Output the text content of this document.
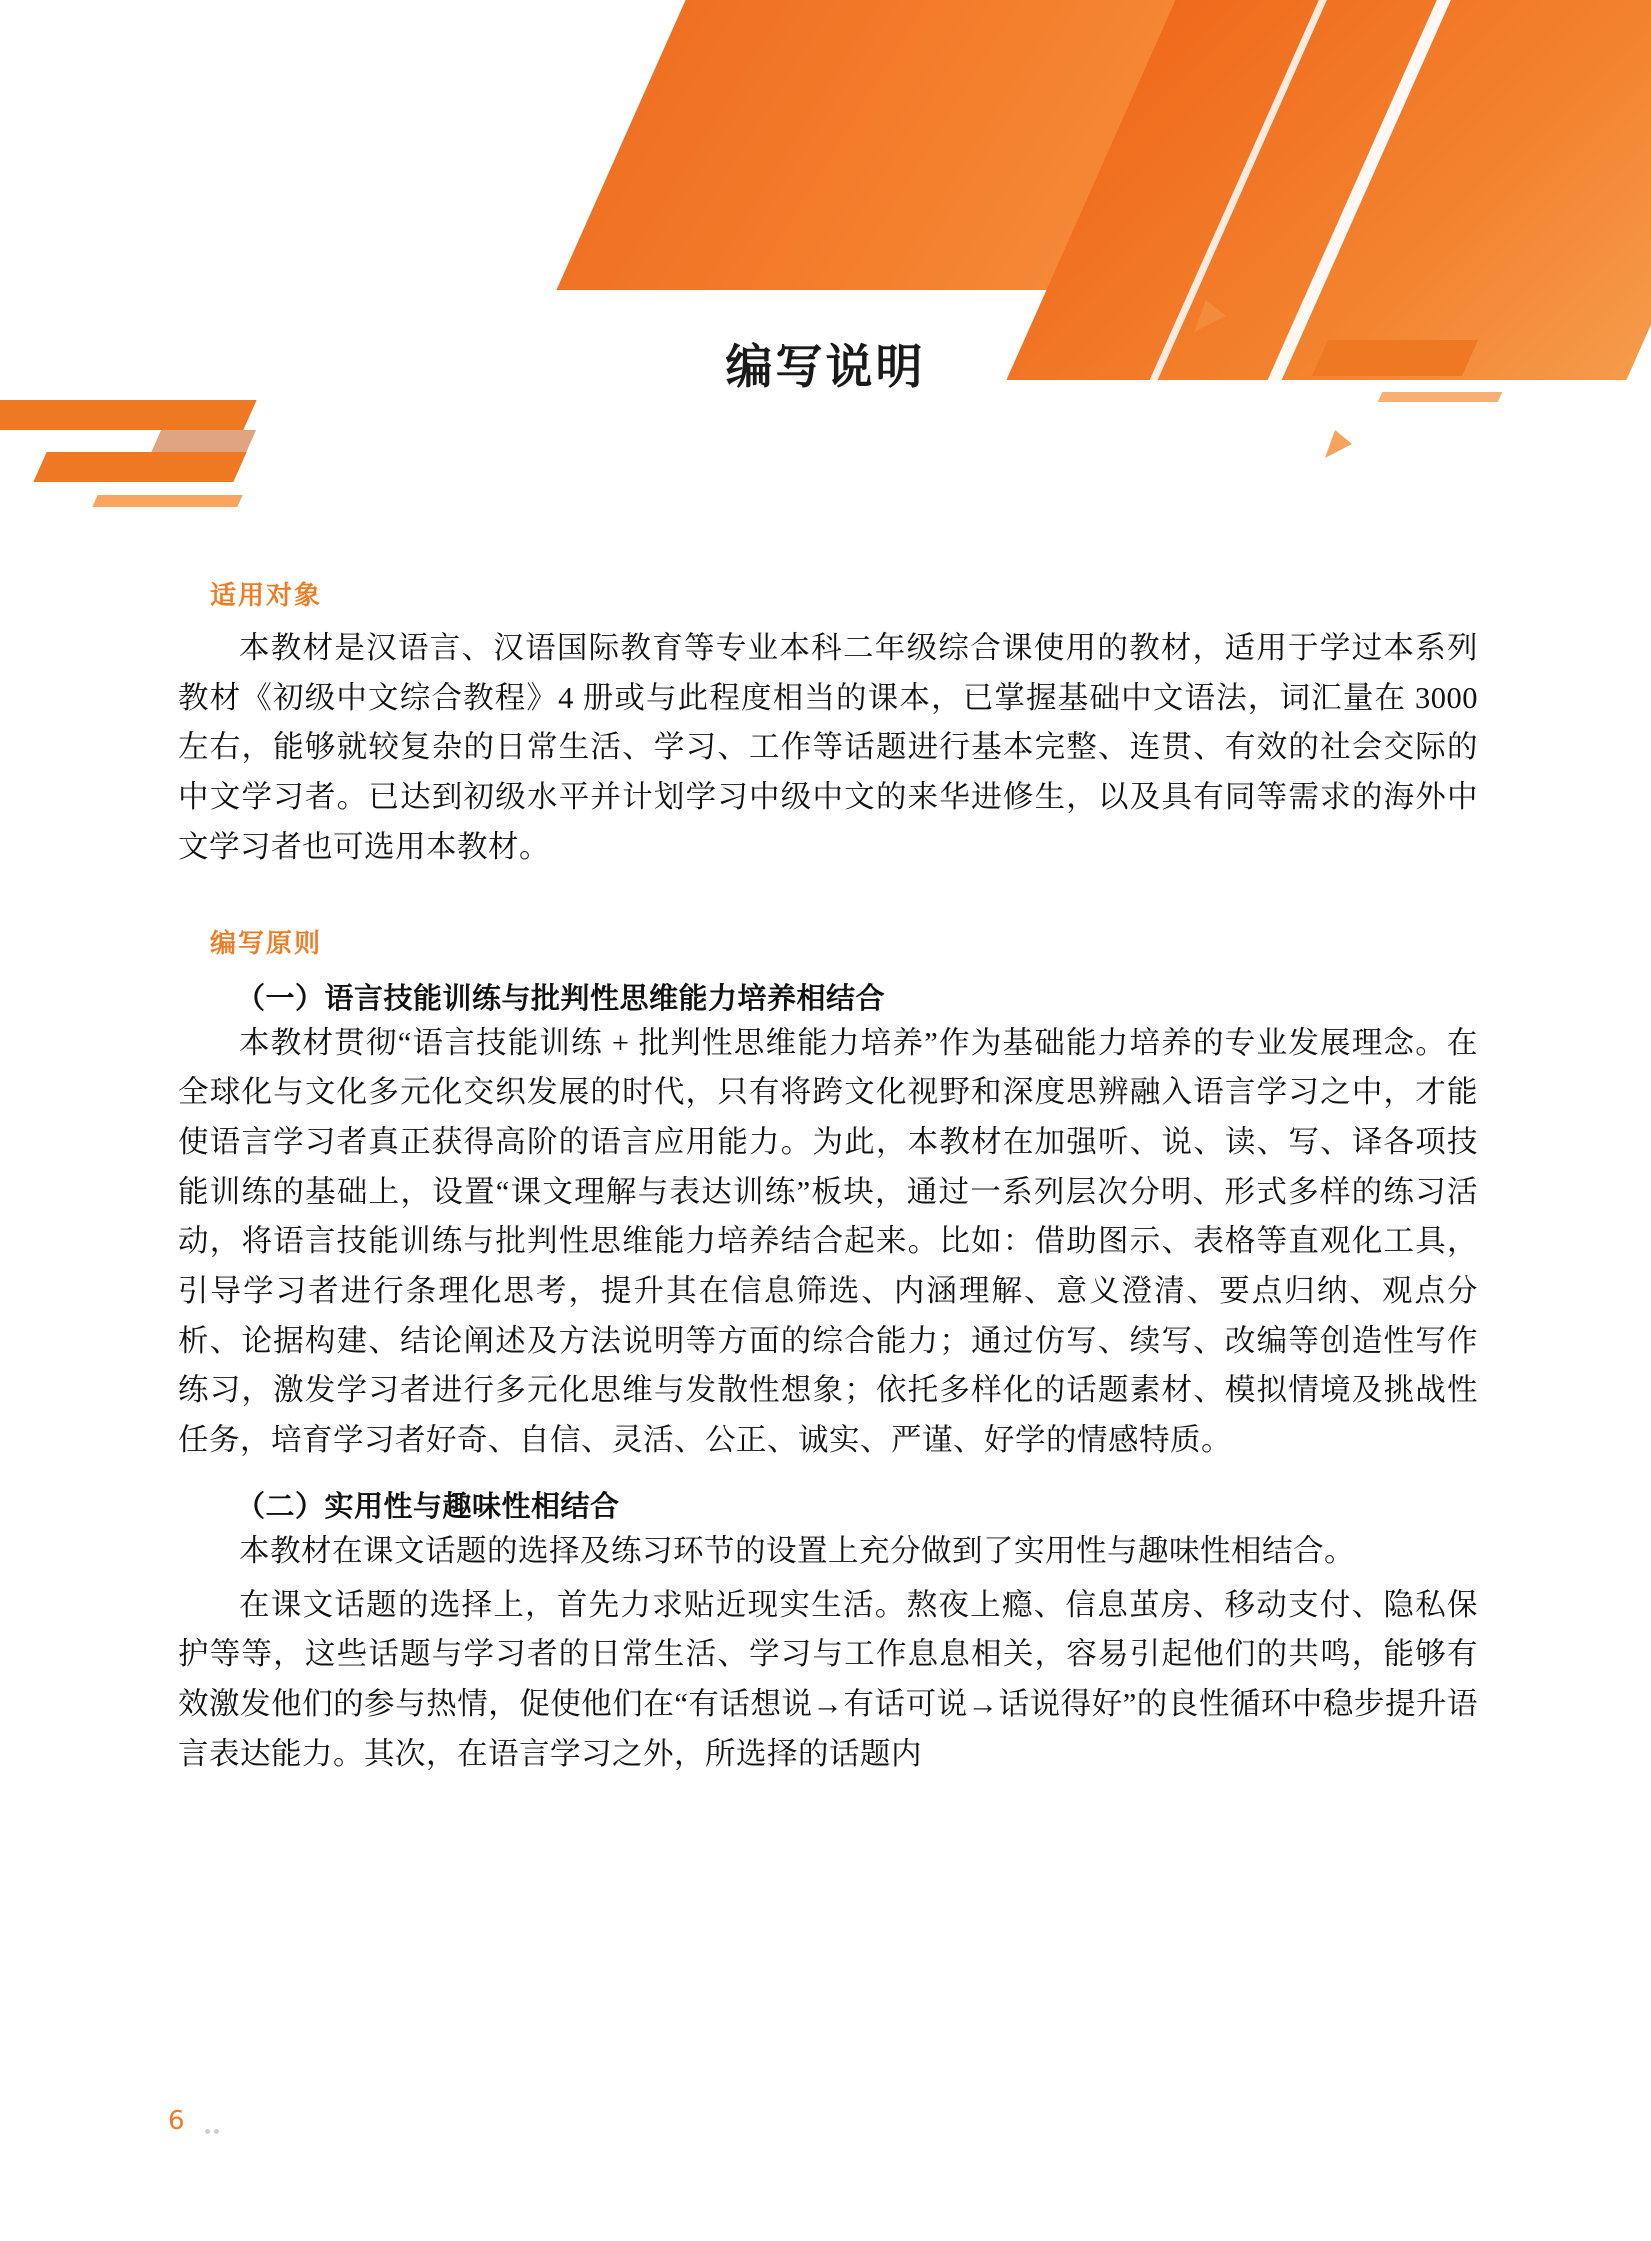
编写说明
适用对象

本教材是汉语言、汉语国际教育等专业本科二年级综合课使用的教材，适用于学过本系列教材《初级中文综合教程》4 册或与此程度相当的课本，已掌握基础中文语法，词汇量在 3000 左右，能够就较复杂的日常生活、学习、工作等话题进行基本完整、连贯、有效的社会交际的中文学习者。已达到初级水平并计划学习中级中文的来华进修生，以及具有同等需求的海外中文学习者也可选用本教材。

编写原则
（一）语言技能训练与批判性思维能力培养相结合

本教材贯彻“语言技能训练 + 批判性思维能力培养”作为基础能力培养的专业发展理念。在全球化与文化多元化交织发展的时代，只有将跨文化视野和深度思辨融入语言学习之中，才能使语言学习者真正获得高阶的语言应用能力。为此，本教材在加强听、说、读、写、译各项技能训练的基础上，设置“课文理解与表达训练”板块，通过一系列层次分明、形式多样的练习活动，将语言技能训练与批判性思维能力培养结合起来。比如：借助图示、表格等直观化工具，引导学习者进行条理化思考，提升其在信息筛选、内涵理解、意义澄清、要点归纳、观点分析、论据构建、结论阐述及方法说明等方面的综合能力；通过仿写、续写、改编等创造性写作练习，激发学习者进行多元化思维与发散性想象；依托多样化的话题素材、模拟情境及挑战性任务，培育学习者好奇、自信、灵活、公正、诚实、严谨、好学的情感特质。

（二）实用性与趣味性相结合

本教材在课文话题的选择及练习环节的设置上充分做到了实用性与趣味性相结合。

在课文话题的选择上，首先力求贴近现实生活。熬夜上瘾、信息茧房、移动支付、隐私保护等等，这些话题与学习者的日常生活、学习与工作息息相关，容易引起他们的共鸣，能够有效激发他们的参与热情，促使他们在“有话想说→有话可说→话说得好”的良性循环中稳步提升语言表达能力。其次，在语言学习之外，所选择的话题内

6
